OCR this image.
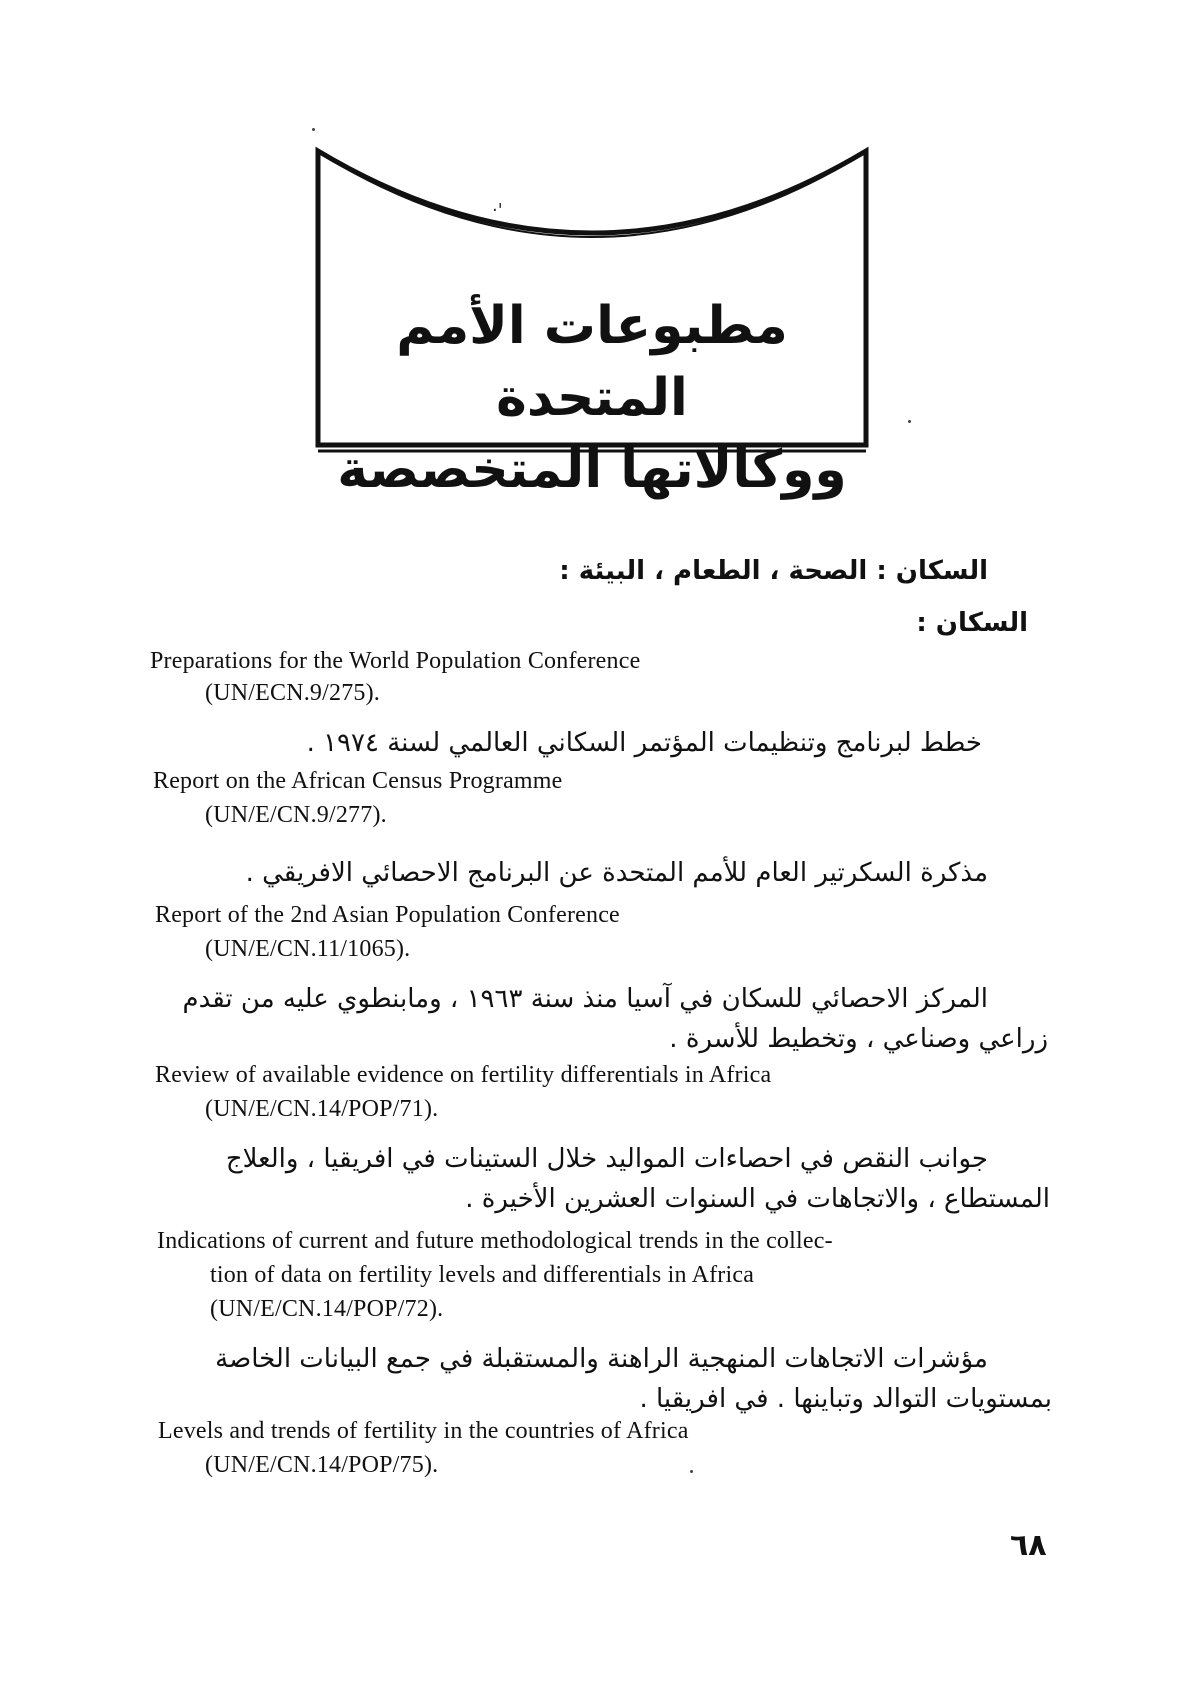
·'
مطبوعات الأمم المتحدة
ووكالاتها المتخصصة
السكان : الصحة ، الطعام ، البيئة :
السكان :
Preparations for the World Population Conference
(UN/ECN.9/275).
خطط لبرنامج وتنظيمات المؤتمر السكاني العالمي لسنة ١٩٧٤ .
Report on the African Census Programme
(UN/E/CN.9/277).
مذكرة السكرتير العام للأمم المتحدة عن البرنامج الاحصائي الافريقي .
Report of the 2nd Asian Population Conference
(UN/E/CN.11/1065).
المركز الاحصائي للسكان في آسيا منذ سنة ١٩٦٣ ، ومابنطوي عليه من تقدم
زراعي وصناعي ، وتخطيط للأسرة .
Review of available evidence on fertility differentials in Africa
(UN/E/CN.14/POP/71).
جوانب النقص في احصاءات المواليد خلال الستينات في افريقيا ، والعلاج
المستطاع ، والاتجاهات في السنوات العشرين الأخيرة .
Indications of current and future methodological trends in the collec-
tion of data on fertility levels and differentials in Africa
(UN/E/CN.14/POP/72).
مؤشرات الاتجاهات المنهجية الراهنة والمستقبلة في جمع البيانات الخاصة
بمستويات التوالد وتباينها . في افريقيا .
Levels and trends of fertility in the countries of Africa
(UN/E/CN.14/POP/75).
٦٨
